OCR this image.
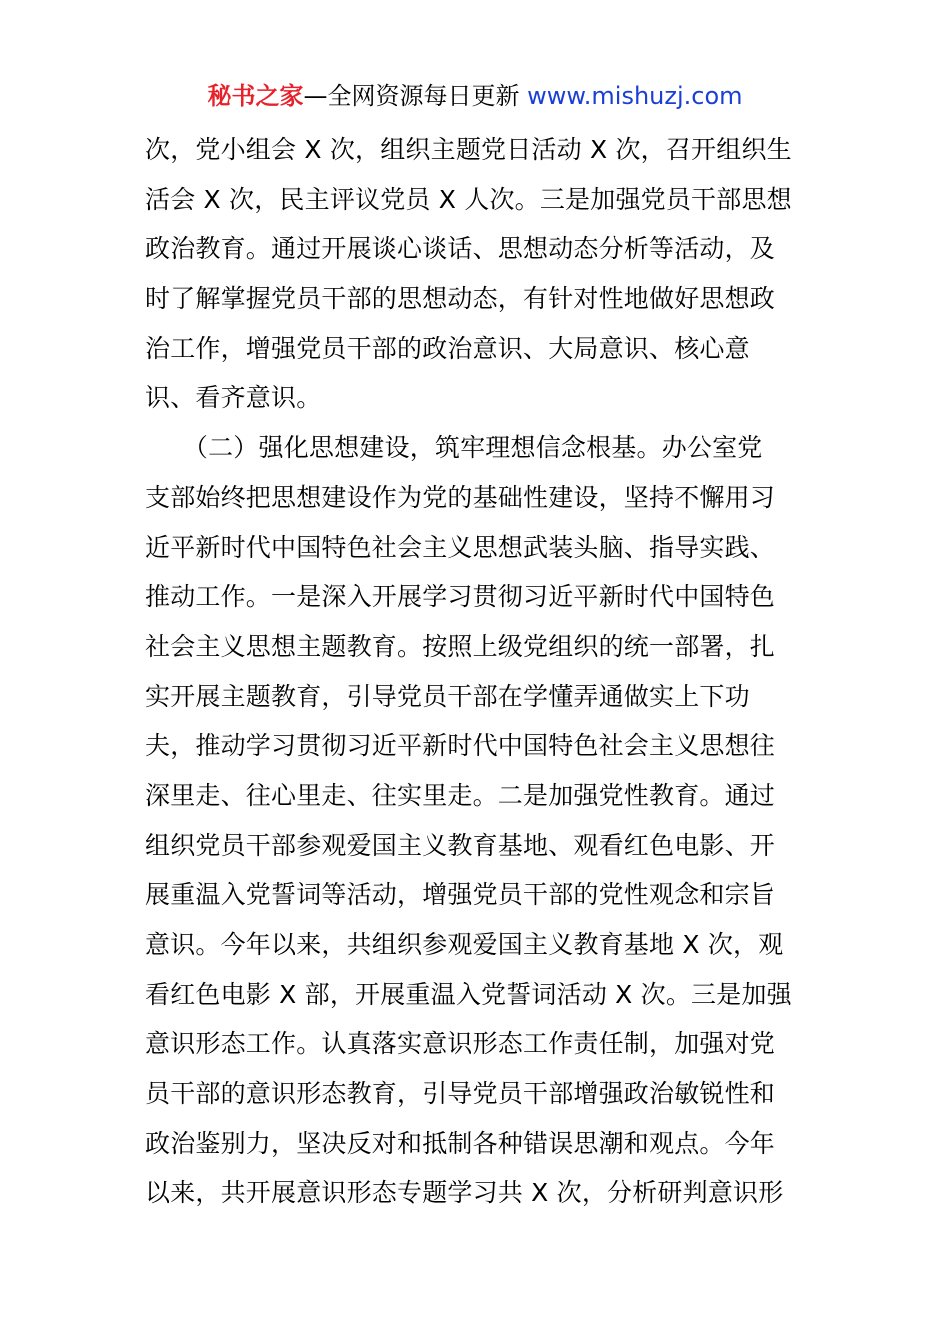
秘书之家—全网资源每日更新 www.mishuzj.com
次，党小组会 X 次，组织主题党日活动 X 次，召开组织生
活会 X 次，民主评议党员 X 人次。三是加强党员干部思想
政治教育。通过开展谈心谈话、思想动态分析等活动，及
时了解掌握党员干部的思想动态，有针对性地做好思想政
治工作，增强党员干部的政治意识、大局意识、核心意
识、看齐意识。
　　（二）强化思想建设，筑牢理想信念根基。办公室党
支部始终把思想建设作为党的基础性建设，坚持不懈用习
近平新时代中国特色社会主义思想武装头脑、指导实践、
推动工作。一是深入开展学习贯彻习近平新时代中国特色
社会主义思想主题教育。按照上级党组织的统一部署，扎
实开展主题教育，引导党员干部在学懂弄通做实上下功
夫，推动学习贯彻习近平新时代中国特色社会主义思想往
深里走、往心里走、往实里走。二是加强党性教育。通过
组织党员干部参观爱国主义教育基地、观看红色电影、开
展重温入党誓词等活动，增强党员干部的党性观念和宗旨
意识。今年以来，共组织参观爱国主义教育基地 X 次，观
看红色电影 X 部，开展重温入党誓词活动 X 次。三是加强
意识形态工作。认真落实意识形态工作责任制，加强对党
员干部的意识形态教育，引导党员干部增强政治敏锐性和
政治鉴别力，坚决反对和抵制各种错误思潮和观点。今年
以来，共开展意识形态专题学习共 X 次，分析研判意识形
